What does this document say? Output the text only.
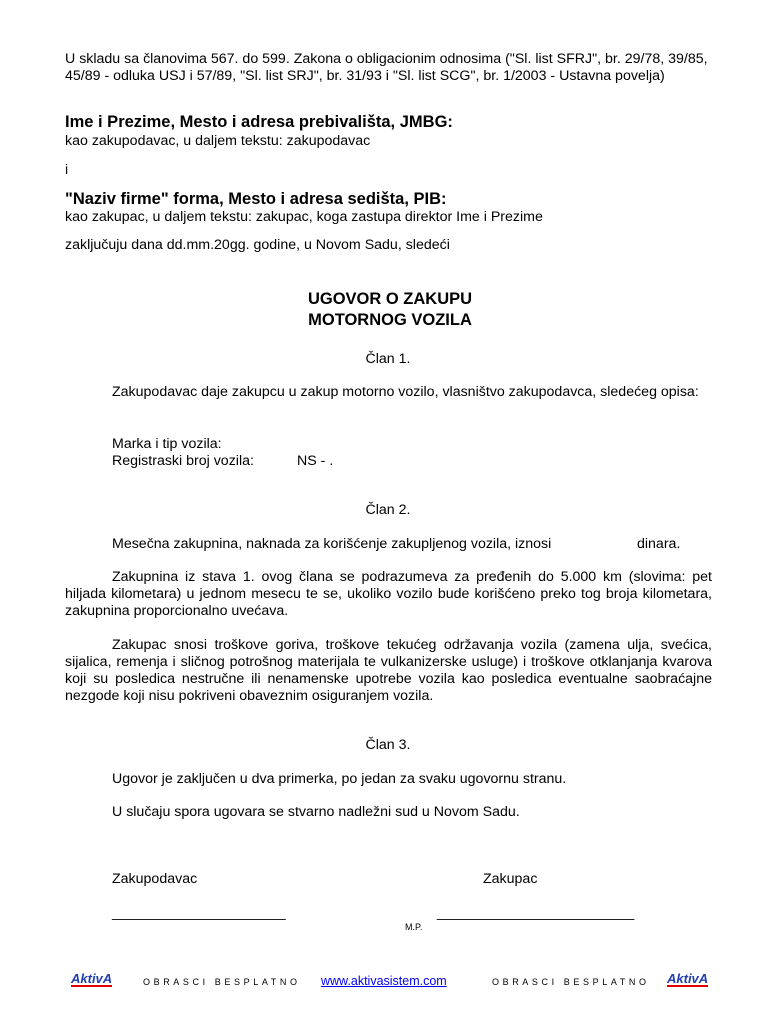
U skladu sa članovima 567. do 599. Zakona o obligacionim odnosima ("Sl. list SFRJ", br. 29/78, 39/85, 45/89 - odluka USJ i 57/89, "Sl. list SRJ", br. 31/93 i "Sl. list SCG", br. 1/2003 - Ustavna povelja)
Ime i Prezime, Mesto i adresa prebivališta, JMBG:
kao zakupodavac, u daljem tekstu: zakupodavac
i
"Naziv firme" forma, Mesto i adresa sedišta, PIB:
kao zakupac, u daljem tekstu: zakupac, koga zastupa direktor Ime i Prezime
zaključuju dana dd.mm.20gg. godine, u Novom Sadu, sledeći
UGOVOR O ZAKUPU
MOTORNOG VOZILA
Član 1.
Zakupodavac daje zakupcu u zakup motorno vozilo, vlasništvo zakupodavca, sledećeg opisa:
Marka i tip vozila:
Registraski broj vozila:	NS - .
Član 2.
Mesečna zakupnina, naknada za korišćenje zakupljenog vozila, iznosi	dinara.
Zakupnina iz stava 1. ovog člana se podrazumeva za pređenih do 5.000 km (slovima: pet hiljada kilometara) u jednom mesecu te se, ukoliko vozilo bude korišćeno preko tog broja kilometara, zakupnina proporcionalno uvećava.
Zakupac snosi troškove goriva, troškove tekućeg održavanja vozila (zamena ulja, svećica, sijalica, remenja i sličnog potrošnog materijala te vulkanizerske usluge) i troškove otklanjanja kvarova koji su posledica nestručne ili nenamenske upotrebe vozila kao posledica eventualne saobraćajne nezgode koji nisu pokriveni obaveznim osiguranjem vozila.
Član 3.
Ugovor je zaključen u dva primerka, po jedan za svaku ugovornu stranu.
U slučaju spora ugovara se stvarno nadležni sud u Novom Sadu.
Zakupodavac	Zakupac
______________________	_________________________
M.P.
AktivA	OBRASCI BESPLATNO www.aktivasistem.com	OBRASCI BESPLATNO AktivA
